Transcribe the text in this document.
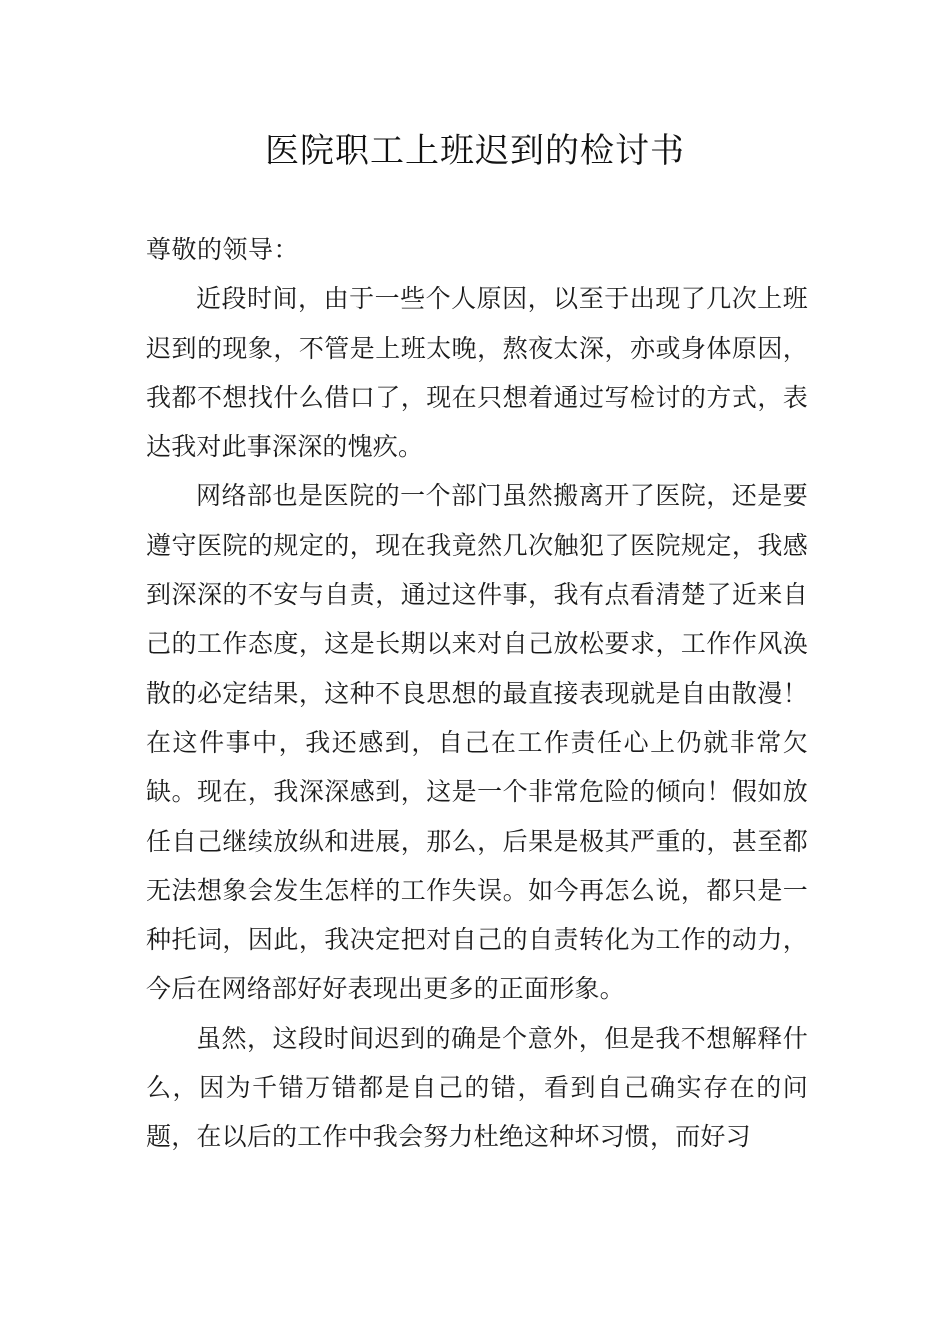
医院职工上班迟到的检讨书

尊敬的领导：

近段时间，由于一些个人原因，以至于出现了几次上班迟到的现象，不管是上班太晚，熬夜太深，亦或身体原因，我都不想找什么借口了，现在只想着通过写检讨的方式，表达我对此事深深的愧疚。

网络部也是医院的一个部门虽然搬离开了医院，还是要遵守医院的规定的，现在我竟然几次触犯了医院规定，我感到深深的不安与自责，通过这件事，我有点看清楚了近来自己的工作态度，这是长期以来对自己放松要求，工作作风涣散的必定结果，这种不良思想的最直接表现就是自由散漫！在这件事中，我还感到，自己在工作责任心上仍就非常欠缺。现在，我深深感到，这是一个非常危险的倾向！假如放任自己继续放纵和进展，那么，后果是极其严重的，甚至都无法想象会发生怎样的工作失误。如今再怎么说，都只是一种托词，因此，我决定把对自己的自责转化为工作的动力，今后在网络部好好表现出更多的正面形象。

虽然，这段时间迟到的确是个意外，但是我不想解释什么，因为千错万错都是自己的错，看到自己确实存在的问题，在以后的工作中我会努力杜绝这种坏习惯，而好习
